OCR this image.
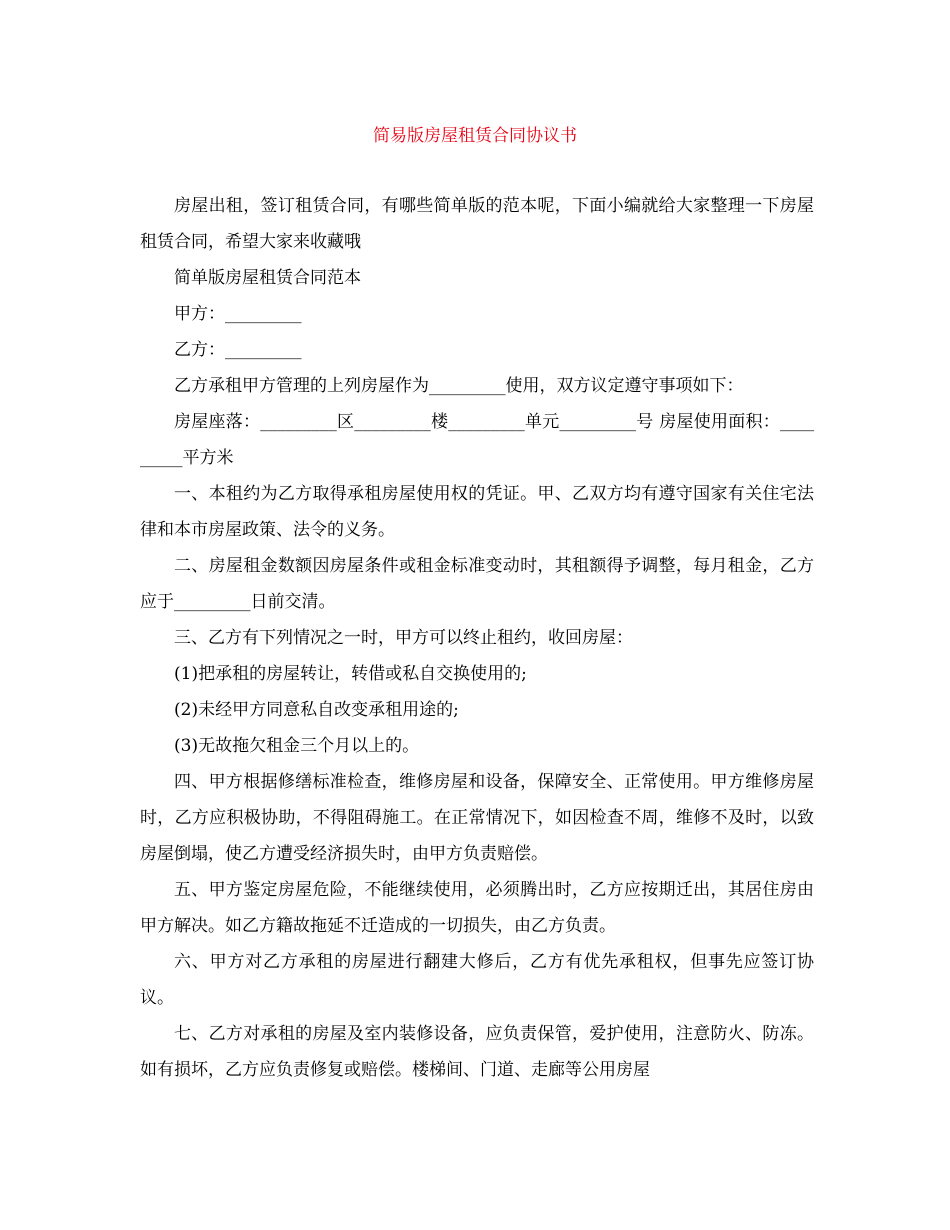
简易版房屋租赁合同协议书

房屋出租，签订租赁合同，有哪些简单版的范本呢，下面小编就给大家整理一下房屋租赁合同，希望大家来收藏哦

简单版房屋租赁合同范本

甲方：_________

乙方：_________

乙方承租甲方管理的上列房屋作为_________使用，双方议定遵守事项如下：

房屋座落：_________区_________楼_________单元_________号 房屋使用面积：_________平方米

一、本租约为乙方取得承租房屋使用权的凭证。甲、乙双方均有遵守国家有关住宅法律和本市房屋政策、法令的义务。

二、房屋租金数额因房屋条件或租金标准变动时，其租额得予调整，每月租金，乙方应于_________日前交清。

三、乙方有下列情况之一时，甲方可以终止租约，收回房屋：

(1)把承租的房屋转让，转借或私自交换使用的;

(2)未经甲方同意私自改变承租用途的;

(3)无故拖欠租金三个月以上的。

四、甲方根据修缮标准检查，维修房屋和设备，保障安全、正常使用。甲方维修房屋时，乙方应积极协助，不得阻碍施工。在正常情况下，如因检查不周，维修不及时，以致房屋倒塌，使乙方遭受经济损失时，由甲方负责赔偿。

五、甲方鉴定房屋危险，不能继续使用，必须腾出时，乙方应按期迁出，其居住房由甲方解决。如乙方籍故拖延不迁造成的一切损失，由乙方负责。

六、甲方对乙方承租的房屋进行翻建大修后，乙方有优先承租权，但事先应签订协议。

七、乙方对承租的房屋及室内装修设备，应负责保管，爱护使用，注意防火、防冻。如有损坏，乙方应负责修复或赔偿。楼梯间、门道、走廊等公用房屋
